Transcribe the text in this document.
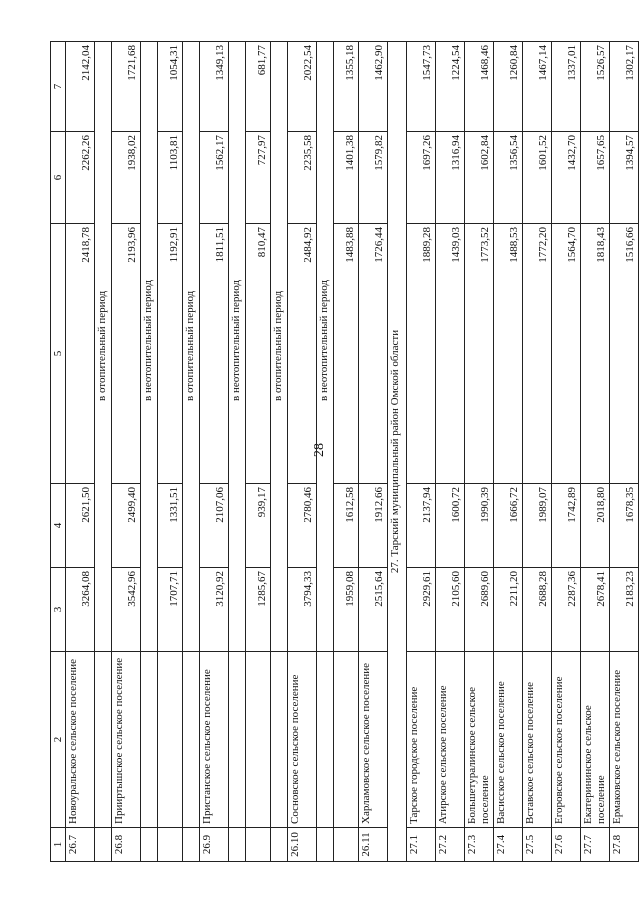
28
1	2	3	4	5	6	7
26.7	Новоуральское сельское поселение	3264,08	2621,50	2418,78	2262,26	2142,04
		в отопительный период				
26.8	Прииртышское сельское поселение	3542,96	2499,40	2193,96	1938,02	1721,68
		в неотопительный период				
		1707,71	1331,51	1192,91	1103,81	1054,31
		в отопительный период				
26.9	Пристанское сельское поселение	3120,92	2107,06	1811,51	1562,17	1349,13
		в неотопительный период				
		1285,67	939,17	810,47	727,97	681,77
		в отопительный период				
26.10	Сосновское сельское поселение	3794,33	2780,46	2484,92	2235,58	2022,54
		в неотопительный период				
		1959,08	1612,58	1483,88	1401,38	1355,18
26.11	Харламовское сельское поселение	2515,64	1912,66	1726,44	1579,82	1462,90
27. Тарский муниципальный район Омской области						
27.1	Тарское городское поселение	2929,61	2137,94	1889,28	1697,26	1547,73
27.2	Атирское сельское поселение	2105,60	1600,72	1439,03	1316,94	1224,54
27.3	Большетуралинское сельское поселение	2689,60	1990,39	1773,52	1602,84	1468,46
27.4	Васисское сельское поселение	2211,20	1666,72	1488,53	1356,54	1260,84
27.5	Вставское сельское поселение	2688,28	1989,07	1772,20	1601,52	1467,14
27.6	Егоровское сельское поселение	2287,36	1742,89	1564,70	1432,70	1337,01
27.7	Екатерининское сельское поселение	2678,41	2018,80	1818,43	1657,65	1526,57
27.8	Ермаковское сельское поселение	2183,23	1678,35	1516,66	1394,57	1302,17
